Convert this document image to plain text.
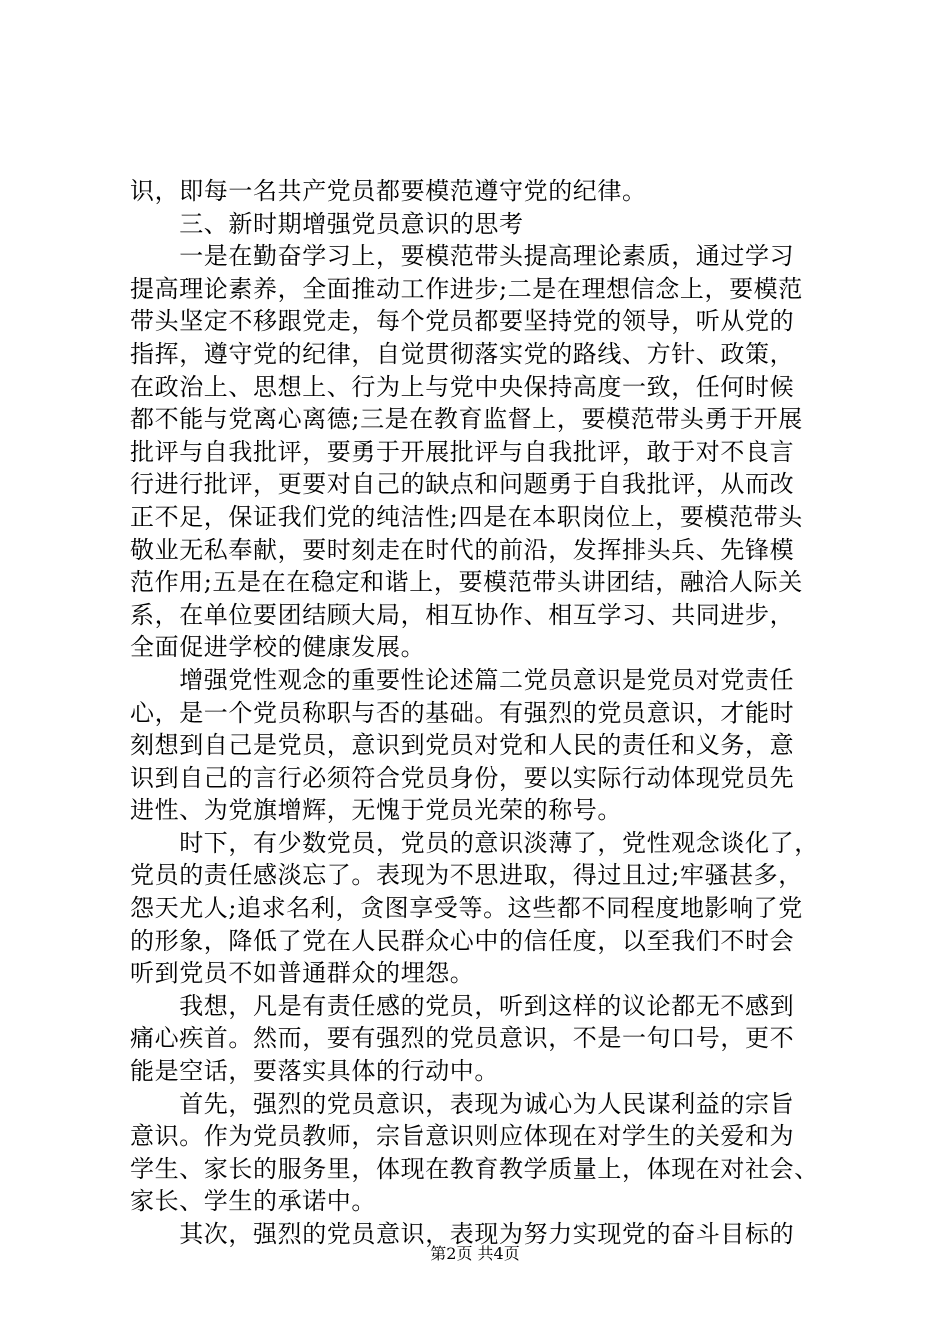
识，即每一名共产党员都要模范遵守党的纪律。
　　三、新时期增强党员意识的思考
　　一是在勤奋学习上，要模范带头提高理论素质，通过学习
提高理论素养，全面推动工作进步;二是在理想信念上，要模范
带头坚定不移跟党走，每个党员都要坚持党的领导，听从党的
指挥，遵守党的纪律，自觉贯彻落实党的路线、方针、政策，
在政治上、思想上、行为上与党中央保持高度一致，任何时候
都不能与党离心离德;三是在教育监督上，要模范带头勇于开展
批评与自我批评，要勇于开展批评与自我批评，敢于对不良言
行进行批评，更要对自己的缺点和问题勇于自我批评，从而改
正不足，保证我们党的纯洁性;四是在本职岗位上，要模范带头
敬业无私奉献，要时刻走在时代的前沿，发挥排头兵、先锋模
范作用;五是在在稳定和谐上，要模范带头讲团结，融洽人际关
系，在单位要团结顾大局，相互协作、相互学习、共同进步，
全面促进学校的健康发展。
　　增强党性观念的重要性论述篇二党员意识是党员对党责任
心，是一个党员称职与否的基础。有强烈的党员意识，才能时
刻想到自己是党员，意识到党员对党和人民的责任和义务，意
识到自己的言行必须符合党员身份，要以实际行动体现党员先
进性、为党旗增辉，无愧于党员光荣的称号。
　　时下，有少数党员，党员的意识淡薄了，党性观念谈化了，
党员的责任感淡忘了。表现为不思进取，得过且过;牢骚甚多，
怨天尤人;追求名利，贪图享受等。这些都不同程度地影响了党
的形象，降低了党在人民群众心中的信任度，以至我们不时会
听到党员不如普通群众的埋怨。
　　我想，凡是有责任感的党员，听到这样的议论都无不感到
痛心疾首。然而，要有强烈的党员意识，不是一句口号，更不
能是空话，要落实具体的行动中。
　　首先，强烈的党员意识，表现为诚心为人民谋利益的宗旨
意识。作为党员教师，宗旨意识则应体现在对学生的关爱和为
学生、家长的服务里，体现在教育教学质量上，体现在对社会、
家长、学生的承诺中。
　　其次，强烈的党员意识，表现为努力实现党的奋斗目标的
第2页 共4页
